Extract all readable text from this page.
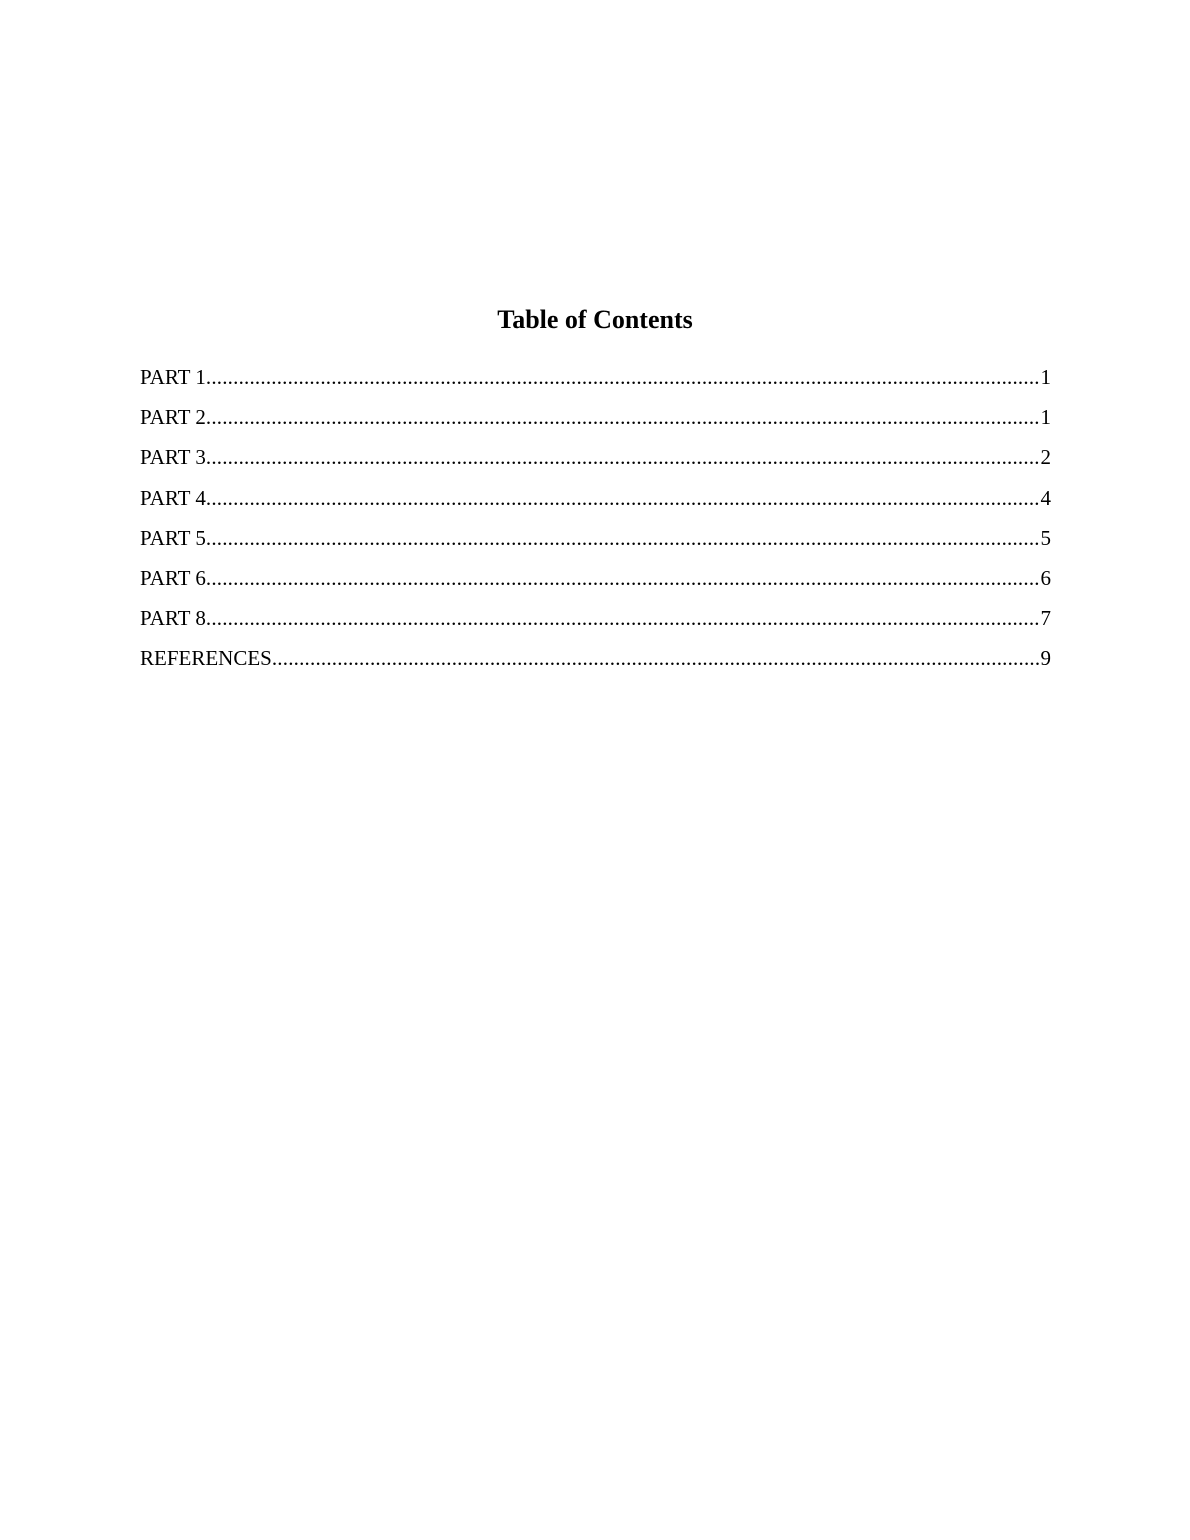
Table of Contents
PART 1 .....	1
PART 2 .....	1
PART 3 .....	2
PART 4 .....	4
PART 5 .....	5
PART 6 .....	6
PART 8 .....	7
REFERENCES .....	9
